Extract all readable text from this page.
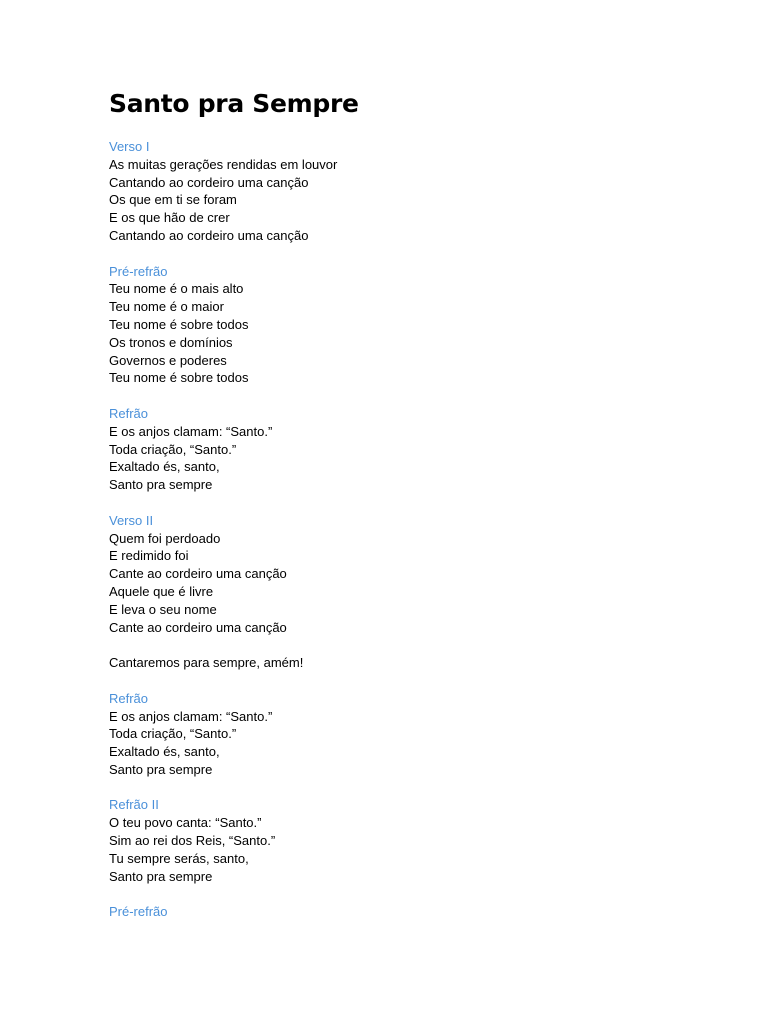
Santo pra Sempre
Verso I
As muitas gerações rendidas em louvor
Cantando ao cordeiro uma canção
Os que em ti se foram
E os que hão de crer
Cantando ao cordeiro uma canção
Pré-refrão
Teu nome é o mais alto
Teu nome é o maior
Teu nome é sobre todos
Os tronos e domínios
Governos e poderes
Teu nome é sobre todos
Refrão
E os anjos clamam: “Santo.”
Toda criação, “Santo.”
Exaltado és, santo,
Santo pra sempre
Verso II
Quem foi perdoado
E redimido foi
Cante ao cordeiro uma canção
Aquele que é livre
E leva o seu nome
Cante ao cordeiro uma canção
Cantaremos para sempre, amém!
Refrão
E os anjos clamam: “Santo.”
Toda criação, “Santo.”
Exaltado és, santo,
Santo pra sempre
Refrão II
O teu povo canta: “Santo.”
Sim ao rei dos Reis, “Santo.”
Tu sempre serás, santo,
Santo pra sempre
Pré-refrão
